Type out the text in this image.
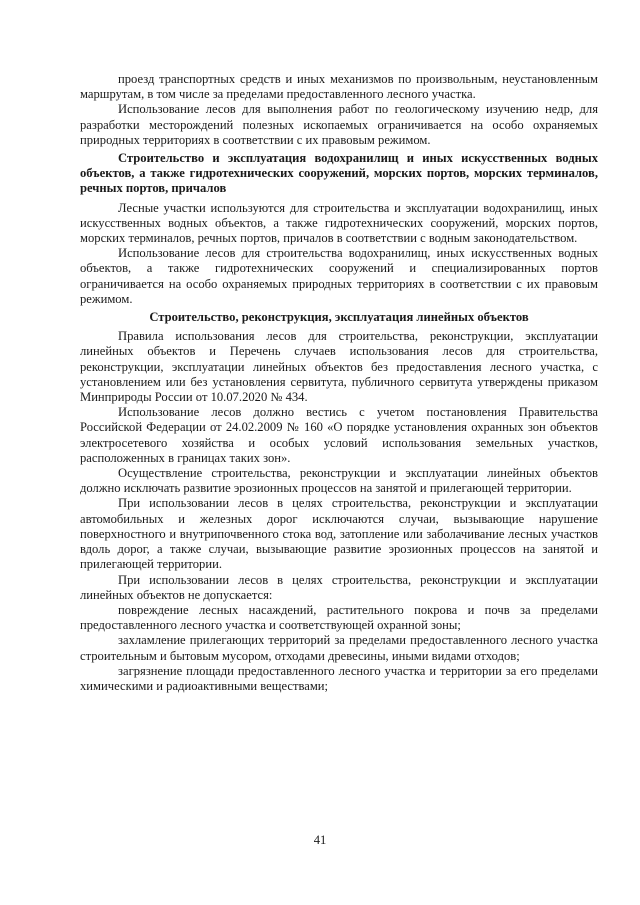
проезд транспортных средств и иных механизмов по произвольным, неустановленным маршрутам, в том числе за пределами предоставленного лесного участка.

Использование лесов для выполнения работ по геологическому изучению недр, для разработки месторождений полезных ископаемых ограничивается на особо охраняемых природных территориях в соответствии с их правовым режимом.

Строительство и эксплуатация водохранилищ и иных искусственных водных объектов, а также гидротехнических сооружений, морских портов, морских терминалов, речных портов, причалов

Лесные участки используются для строительства и эксплуатации водохранилищ, иных искусственных водных объектов, а также гидротехнических сооружений, морских портов, морских терминалов, речных портов, причалов в соответствии с водным законодательством.

Использование лесов для строительства водохранилищ, иных искусственных водных объектов, а также гидротехнических сооружений и специализированных портов ограничивается на особо охраняемых природных территориях в соответствии с их правовым режимом.

Строительство, реконструкция, эксплуатация линейных объектов

Правила использования лесов для строительства, реконструкции, эксплуатации линейных объектов и Перечень случаев использования лесов для строительства, реконструкции, эксплуатации линейных объектов без предоставления лесного участка, с установлением или без установления сервитута, публичного сервитута утверждены приказом Минприроды России от 10.07.2020 № 434.

Использование лесов должно вестись с учетом постановления Правительства Российской Федерации от 24.02.2009 № 160 «О порядке установления охранных зон объектов электросетевого хозяйства и особых условий использования земельных участков, расположенных в границах таких зон».

Осуществление строительства, реконструкции и эксплуатации линейных объектов должно исключать развитие эрозионных процессов на занятой и прилегающей территории.

При использовании лесов в целях строительства, реконструкции и эксплуатации автомобильных и железных дорог исключаются случаи, вызывающие нарушение поверхностного и внутрипочвенного стока вод, затопление или заболачивание лесных участков вдоль дорог, а также случаи, вызывающие развитие эрозионных процессов на занятой и прилегающей территории.

При использовании лесов в целях строительства, реконструкции и эксплуатации линейных объектов не допускается:

повреждение лесных насаждений, растительного покрова и почв за пределами предоставленного лесного участка и соответствующей охранной зоны;

захламление прилегающих территорий за пределами предоставленного лесного участка строительным и бытовым мусором, отходами древесины, иными видами отходов;

загрязнение площади предоставленного лесного участка и территории за его пределами химическими и радиоактивными веществами;

41
